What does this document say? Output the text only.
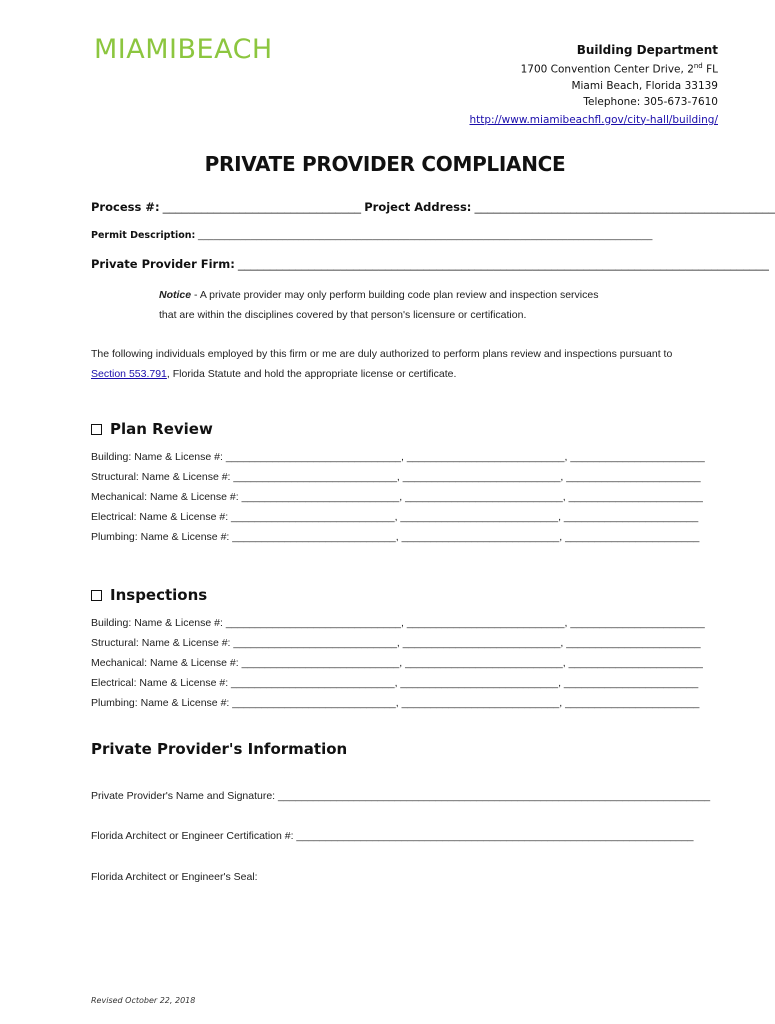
MIAMIBEACH	Building Department
1700 Convention Center Drive, 2nd FL
Miami Beach, Florida 33139
Telephone: 305-673-7610
http://www.miamibeachfl.gov/city-hall/building/
PRIVATE PROVIDER COMPLIANCE
Process #: _______________________________ Project Address: _______________________________________________
Permit Description: ______________________________________________________________________________________
Private Provider Firm: ___________________________________________________________________________________
Notice - A private provider may only perform building code plan review and inspection services
that are within the disciplines covered by that person's licensure or certification.
The following individuals employed by this firm or me are duly authorized to perform plans review and inspections pursuant to
Section 553.791, Florida Statute and hold the appropriate license or certificate.
Plan Review
Building: Name & License #: ______________________________, ___________________________, _______________________
Structural: Name & License #: ____________________________, ___________________________, _______________________
Mechanical: Name & License #: ___________________________, ___________________________, _______________________
Electrical: Name & License #: ____________________________, ___________________________, _______________________
Plumbing: Name & License #: ____________________________, ___________________________, _______________________
Inspections
Building: Name & License #: ______________________________, ___________________________, _______________________
Structural: Name & License #: ____________________________, ___________________________, _______________________
Mechanical: Name & License #: ___________________________, ___________________________, _______________________
Electrical: Name & License #: ____________________________, ___________________________, _______________________
Plumbing: Name & License #: ____________________________, ___________________________, _______________________
Private Provider's Information
Private Provider's Name and Signature: __________________________________________________________________________
Florida Architect or Engineer Certification #: ____________________________________________________________________
Florida Architect or Engineer's Seal:
Revised October 22, 2018
